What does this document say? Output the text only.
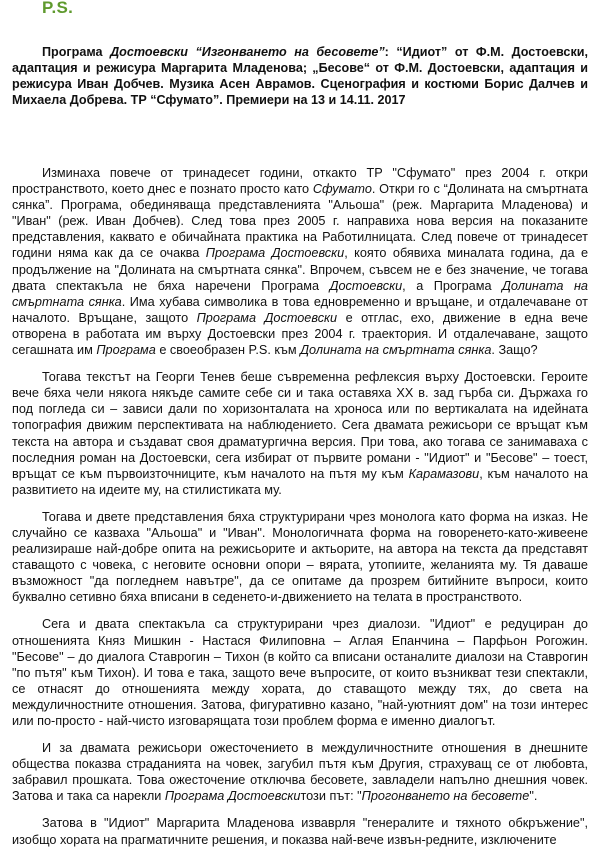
P.S.
Програма Достоевски “Изгонването на бесовете”: “Идиот” от Ф.М. Достоевски, адаптация и режисура Маргарита Младенова; „Бесове“ от Ф.М. Достоевски, адаптация и режисура Иван Добчев. Музика Асен Аврамов. Сценография и костюми Борис Далчев и Михаела Добрева. ТР “Сфумато”. Премиери на 13 и 14.11. 2017

Изминаха повече от тринадесет години, откакто ТР "Сфумато" през 2004 г. откри пространството, което днес е познато просто като Сфумато. Откри го с “Долината на смъртната сянка”. Програма, обединяваща представленията "Альоша" (реж. Маргарита Младенова) и "Иван" (реж. Иван Добчев). След това през 2005 г. направиха нова версия на показаните представления, каквато е обичайната практика на Работилницата. След повече от тринадесет години няма как да се очаква Програма Достоевски, която обявиха миналата година, да е продължение на "Долината на смъртната сянка". Впрочем, съвсем не е без значение, че тогава двата спектакъла не бяха наречени Програма Достоевски, а Програма Долината на смъртната сянка. Има хубава символика в това едновременно и връщане, и отдалечаване от началото. Връщане, защото Програма Достоевски е отглас, ехо, движение в една вече отворена в работата им върху Достоевски през 2004 г. траектория. И отдалечаване, защото сегашната им Програма е своеобразен P.S. към Долината на смъртната сянка. Защо?

Тогава текстът на Георги Тенев беше съвременна рефлексия върху Достоевски. Героите вече бяха чели някога някъде самите себе си и така оставяха XX в. зад гърба си. Държаха го под погледа си – зависи дали по хоризонталата на хроноса или по вертикалата на идейната топография движим перспективата на наблюдението. Сега двамата режисьори се връщат към текста на автора и създават своя драматургична версия. При това, ако тогава се занимаваха с последния роман на Достоевски, сега избират от първите романи - "Идиот" и "Бесове" – тоест, връщат се към първоизточниците, към началото на пътя му към Карамазови, към началото на развитието на идеите му, на стилистиката му.

Тогава и двете представления бяха структурирани чрез монолога като форма на изказ. Не случайно се казваха "Альоша" и "Иван". Монологичната форма на говоренето-като-живеене реализираше най-добре опита на режисьорите и актьорите, на автора на текста да представят ставащото с човека, с неговите основни опори – вярата, утопиите, желанията му. Тя даваше възможност "да погледнем навътре", да се опитаме да прозрем битийните въпроси, които буквално сетивно бяха вписани в седенето-и-движението на телата в пространството.

Сега и двата спектакъла са структурирани чрез диалози. "Идиот" е редуциран до отношенията Княз Мишкин - Настася Филиповна – Аглая Епанчина – Парфьон Рогожин. "Бесове" – до диалога Ставрогин – Тихон (в който са вписани останалите диалози на Ставрогин "по пътя" към Тихон). И това е така, защото вече въпросите, от които възникват тези спектакли, се отнасят до отношенията между хората, до ставащото между тях, до света на междуличностните отношения. Затова, фигуративно казано, "най-уютният дом" на този интерес или по-просто - най-чисто изговарящата този проблем форма е именно диалогът.

И за двамата режисьори ожесточението в междуличностните отношения в днешните общества показва страданията на човек, загубил пътя към Другия, страхуващ се от любовта, забравил прошката. Това ожесточение отключва бесовете, завладели напълно днешния човек. Затова и така са нарекли Програма Достоевскитози път: "Прогонването на бесовете".

Затова в "Идиот" Маргарита Младенова изваврля "генералите и тяхното обкръжение", изобщо хората на прагматичните решения, и показва най-вече извън-редните, изключените
